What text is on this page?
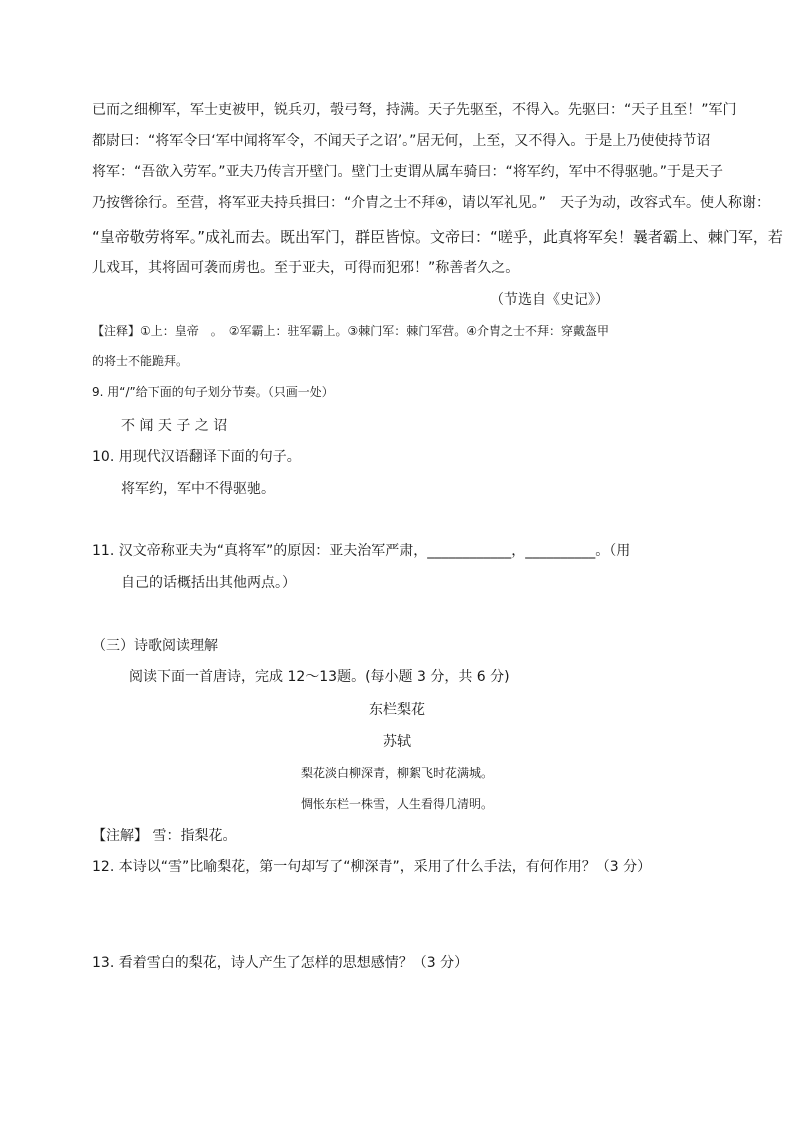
已而之细柳军，军士吏被甲，锐兵刃，彀弓弩，持满。天子先驱至，不得入。先驱曰：“天子且至！”军门
都尉曰：“将军令曰‘军中闻将军令，不闻天子之诏’。”居无何，上至，又不得入。于是上乃使使持节诏
将军：“吾欲入劳军。”亚夫乃传言开壁门。壁门士吏谓从属车骑曰：“将军约，军中不得驱驰。”于是天子
乃按辔徐行。至营，将军亚夫持兵揖曰：“介胄之士不拜④，请以军礼见。”　天子为动，改容式车。使人称谢：
“皇帝敬劳将军。”成礼而去。既出军门，群臣皆惊。文帝曰：“嗟乎，此真将军矣！曩者霸上、棘门军，若
儿戏耳，其将固可袭而虏也。至于亚夫，可得而犯邪！”称善者久之。
（节选自《史记》）
【注释】①上：皇帝　。　②军霸上：驻军霸上。③棘门军：棘门军营。④介胄之士不拜：穿戴盔甲
的将士不能跪拜。
9. 用“/”给下面的句子划分节奏。（只画一处）
不 闻 天 子 之 诏
10. 用现代汉语翻译下面的句子。
将军约，军中不得驱驰。
11. 汉文帝称亚夫为“真将军”的原因：亚夫治军严肃，____________，__________。（用
自己的话概括出其他两点。）
（三）诗歌阅读理解
阅读下面一首唐诗，完成 12～13题。(每小题 3 分，共 6 分)
东栏梨花
苏轼
梨花淡白柳深青，柳絮飞时花满城。
惆怅东栏一株雪，人生看得几清明。
【注解】 雪：指梨花。
12. 本诗以“雪”比喻梨花，第一句却写了“柳深青”，采用了什么手法，有何作用？（3 分）
13. 看着雪白的梨花，诗人产生了怎样的思想感情？（3 分）
